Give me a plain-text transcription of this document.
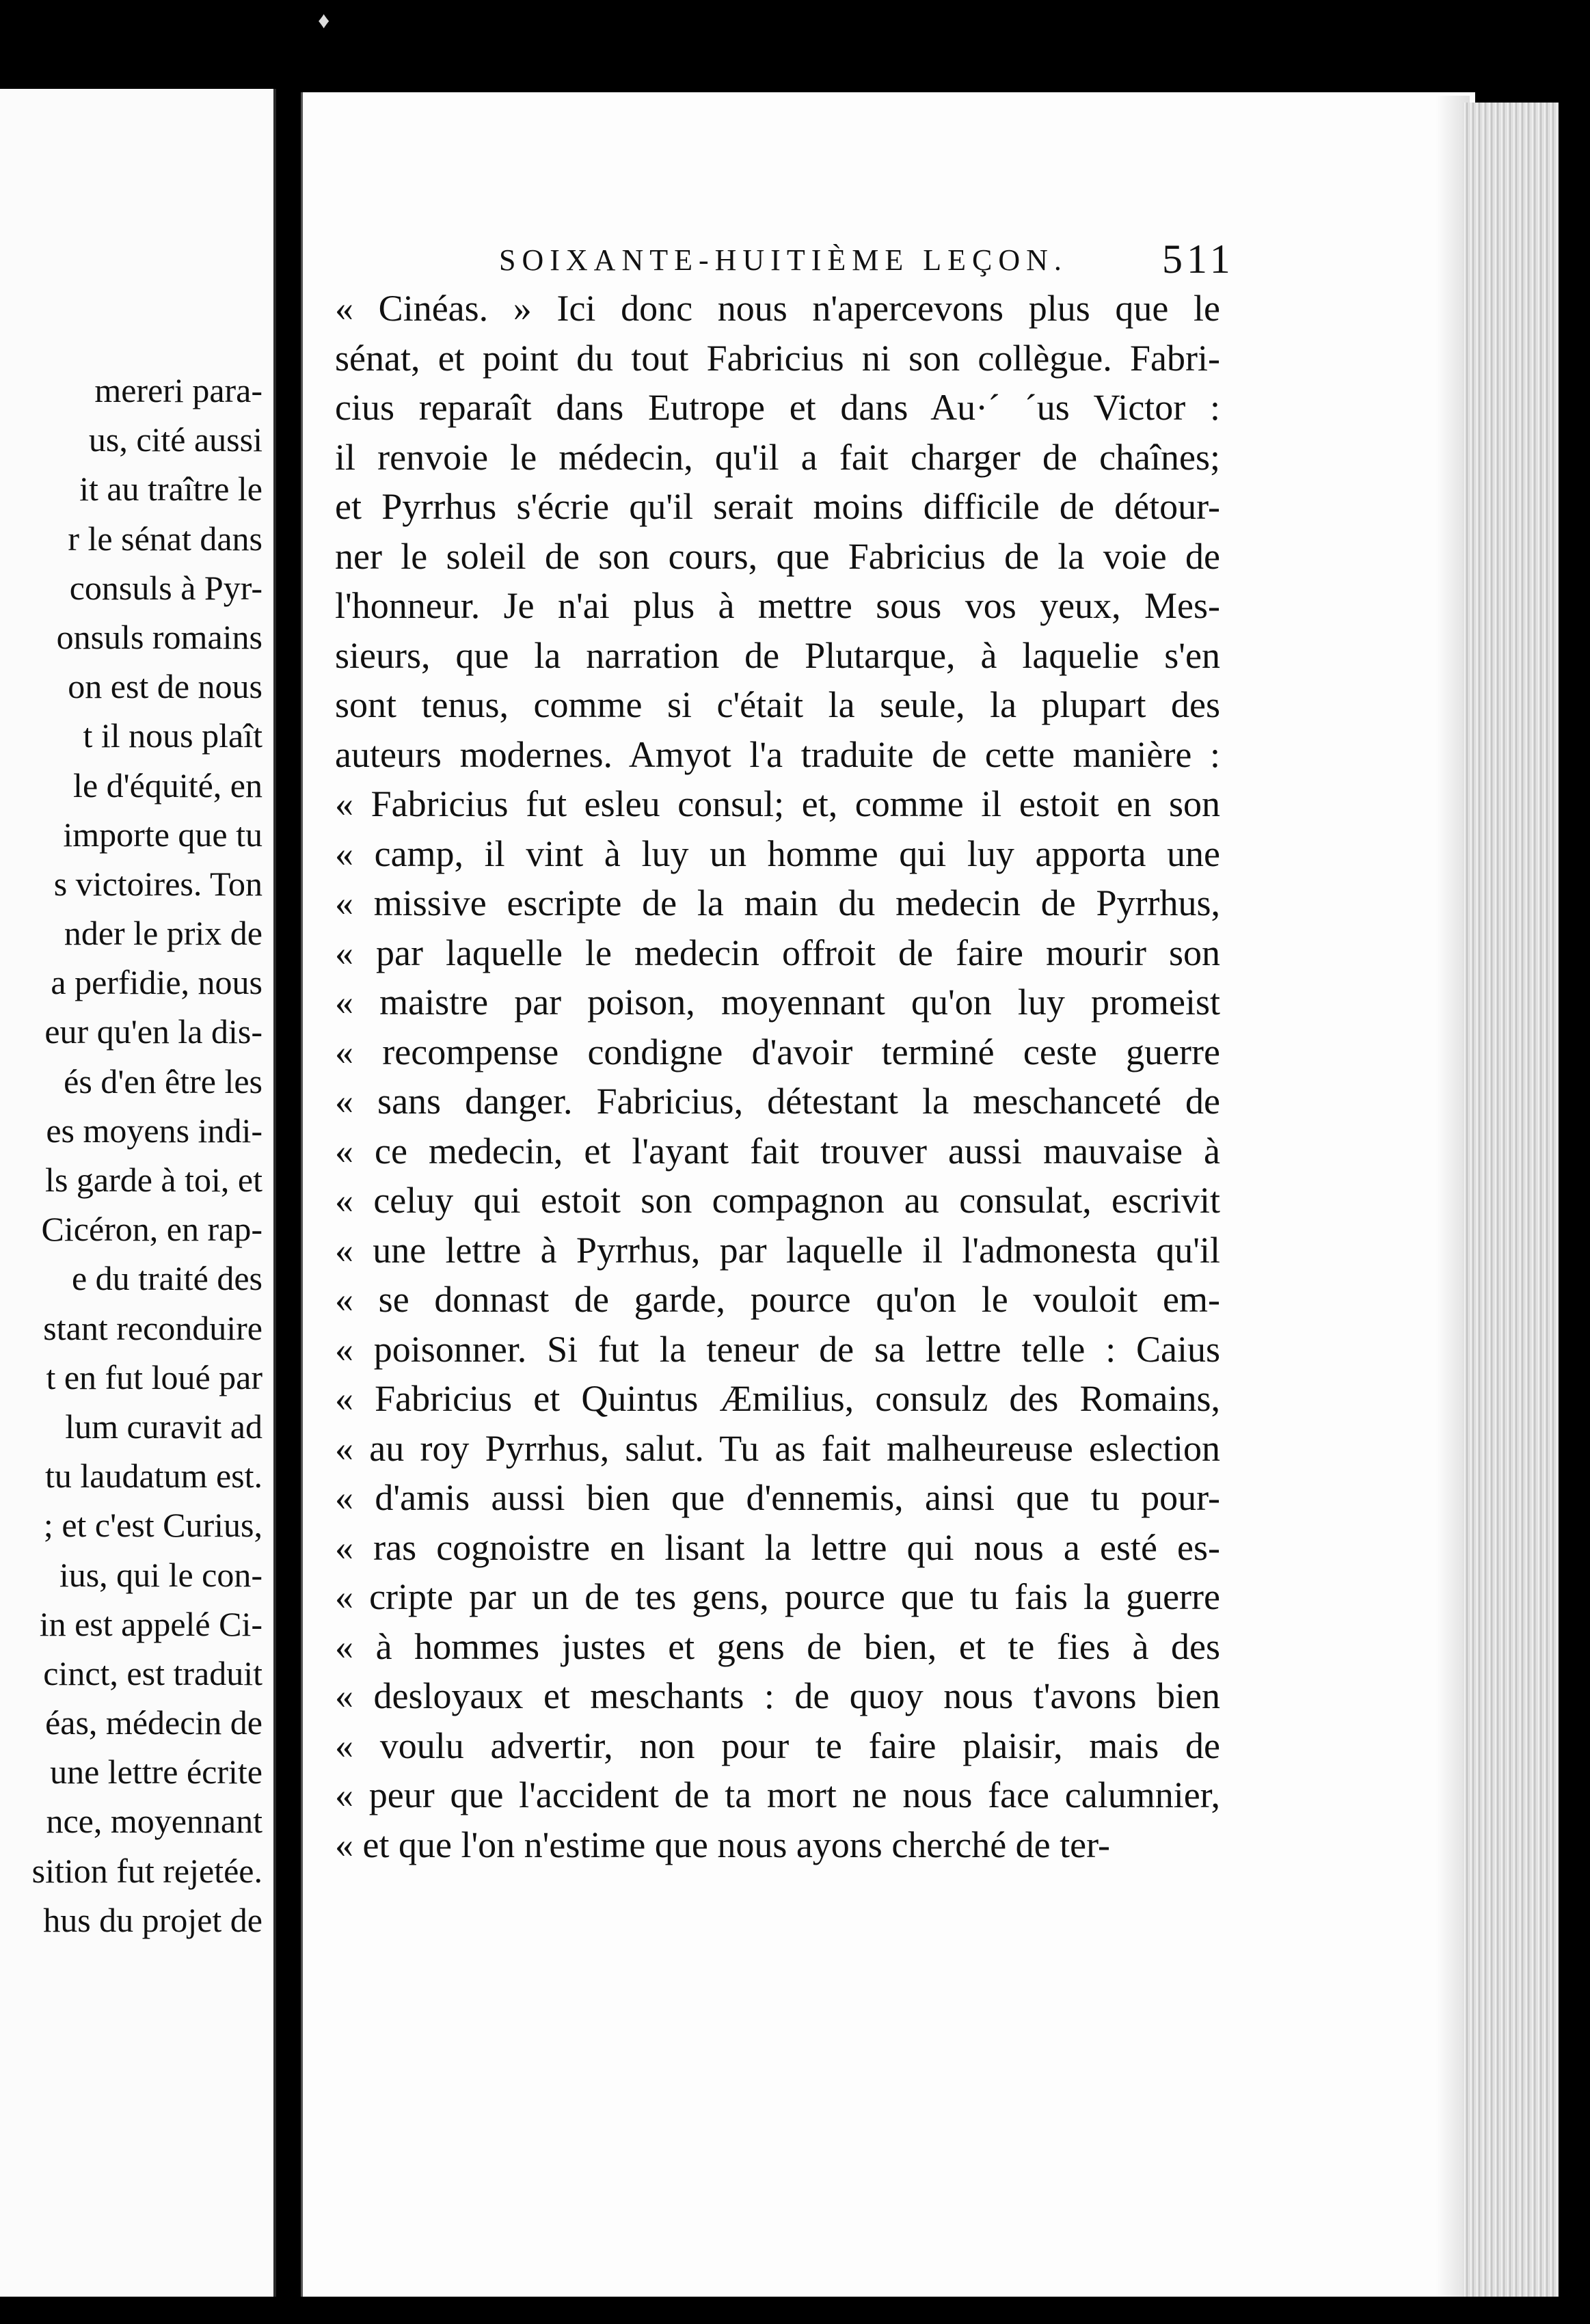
♦
mereri para-
us, cité aussi
it au traître le
r le sénat dans
consuls à Pyr-
onsuls romains
on est de nous
t il nous plaît
le d'équité, en
importe que tu
s victoires. Ton
nder le prix de
a perfidie, nous
eur qu'en la dis-
és d'en être les
es moyens indi-
ls garde à toi, et
Cicéron, en rap-
e du traité des
stant reconduire
t en fut loué par
lum curavit ad
tu laudatum est.
; et c'est Curius,
ius, qui le con-
in est appelé Ci-
cinct, est traduit
éas, médecin de
une lettre écrite
nce, moyennant
sition fut rejetée.
hus du projet de
SOIXANTE-HUITIÈME LEÇON. 511
« Cinéas. » Ici donc nous n'apercevons plus que le
sénat, et point du tout Fabricius ni son collègue. Fabri-
cius reparaît dans Eutrope et dans Au·´ ´us Victor :
il renvoie le médecin, qu'il a fait charger de chaînes;
et Pyrrhus s'écrie qu'il serait moins difficile de détour-
ner le soleil de son cours, que Fabricius de la voie de
l'honneur. Je n'ai plus à mettre sous vos yeux, Mes-
sieurs, que la narration de Plutarque, à laquelie s'en
sont tenus, comme si c'était la seule, la plupart des
auteurs modernes. Amyot l'a traduite de cette manière :
« Fabricius fut esleu consul; et, comme il estoit en son
« camp, il vint à luy un homme qui luy apporta une
« missive escripte de la main du medecin de Pyrrhus,
« par laquelle le medecin offroit de faire mourir son
« maistre par poison, moyennant qu'on luy promeist
« recompense condigne d'avoir terminé ceste guerre
« sans danger. Fabricius, détestant la meschanceté de
« ce medecin, et l'ayant fait trouver aussi mauvaise à
« celuy qui estoit son compagnon au consulat, escrivit
« une lettre à Pyrrhus, par laquelle il l'admonesta qu'il
« se donnast de garde, pource qu'on le vouloit em-
« poisonner. Si fut la teneur de sa lettre telle : Caius
« Fabricius et Quintus Æmilius, consulz des Romains,
« au roy Pyrrhus, salut. Tu as fait malheureuse eslection
« d'amis aussi bien que d'ennemis, ainsi que tu pour-
« ras cognoistre en lisant la lettre qui nous a esté es-
« cripte par un de tes gens, pource que tu fais la guerre
« à hommes justes et gens de bien, et te fies à des
« desloyaux et meschants : de quoy nous t'avons bien
« voulu advertir, non pour te faire plaisir, mais de
« peur que l'accident de ta mort ne nous face calumnier,
« et que l'on n'estime que nous ayons cherché de ter-
